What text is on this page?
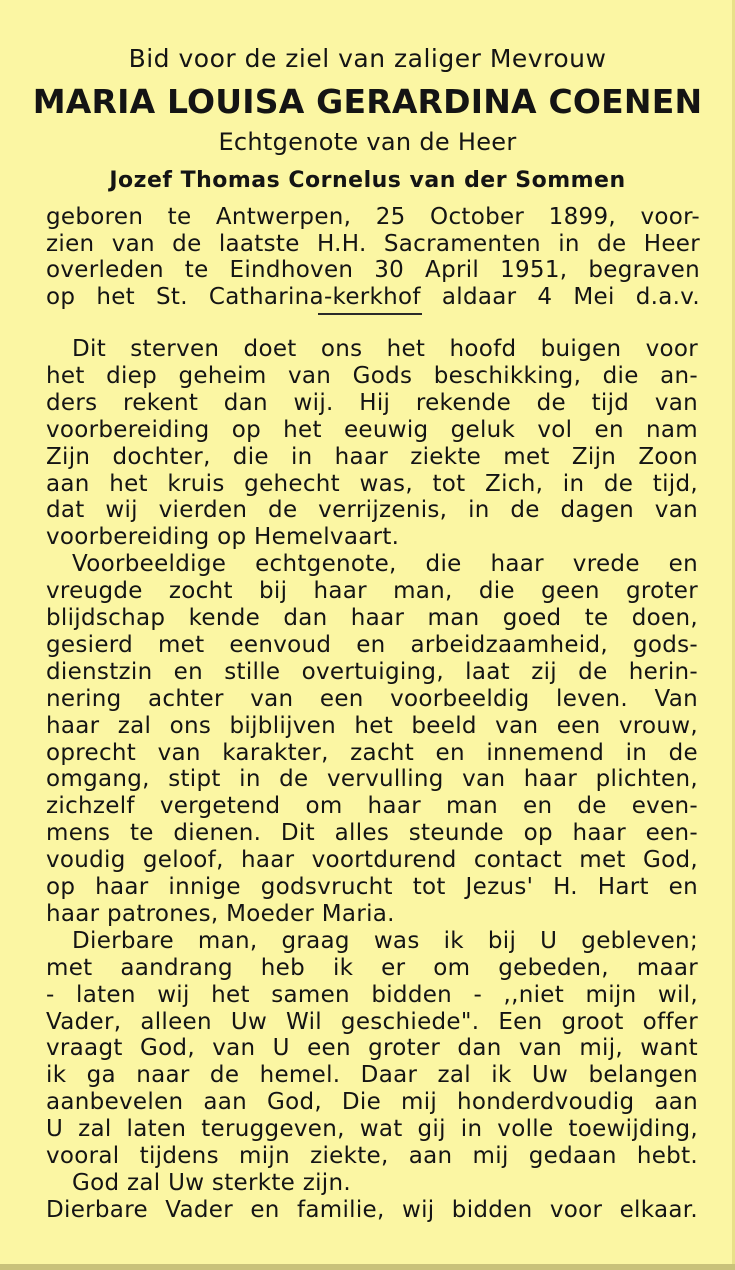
Bid voor de ziel van zaliger Mevrouw
MARIA LOUISA GERARDINA COENEN
Echtgenote van de Heer
Jozef Thomas Cornelus van der Sommen
geboren te Antwerpen, 25 October 1899, voor-
zien van de laatste H.H. Sacramenten in de Heer
overleden te Eindhoven 30 April 1951, begraven
op het St. Catharina-kerkhof aldaar 4 Mei d.a.v.
Dit sterven doet ons het hoofd buigen voor
het diep geheim van Gods beschikking, die an-
ders rekent dan wij. Hij rekende de tijd van
voorbereiding op het eeuwig geluk vol en nam
Zijn dochter, die in haar ziekte met Zijn Zoon
aan het kruis gehecht was, tot Zich, in de tijd,
dat wij vierden de verrijzenis, in de dagen van
voorbereiding op Hemelvaart.
Voorbeeldige echtgenote, die haar vrede en
vreugde zocht bij haar man, die geen groter
blijdschap kende dan haar man goed te doen,
gesierd met eenvoud en arbeidzaamheid, gods-
dienstzin en stille overtuiging, laat zij de herin-
nering achter van een voorbeeldig leven. Van
haar zal ons bijblijven het beeld van een vrouw,
oprecht van karakter, zacht en innemend in de
omgang, stipt in de vervulling van haar plichten,
zichzelf vergetend om haar man en de even-
mens te dienen. Dit alles steunde op haar een-
voudig geloof, haar voortdurend contact met God,
op haar innige godsvrucht tot Jezus' H. Hart en
haar patrones, Moeder Maria.
Dierbare man, graag was ik bij U gebleven;
met aandrang heb ik er om gebeden, maar
- laten wij het samen bidden - ,,niet mijn wil,
Vader, alleen Uw Wil geschiede". Een groot offer
vraagt God, van U een groter dan van mij, want
ik ga naar de hemel. Daar zal ik Uw belangen
aanbevelen aan God, Die mij honderdvoudig aan
U zal laten teruggeven, wat gij in volle toewijding,
vooral tijdens mijn ziekte, aan mij gedaan hebt.
God zal Uw sterkte zijn.
Dierbare Vader en familie, wij bidden voor elkaar.
